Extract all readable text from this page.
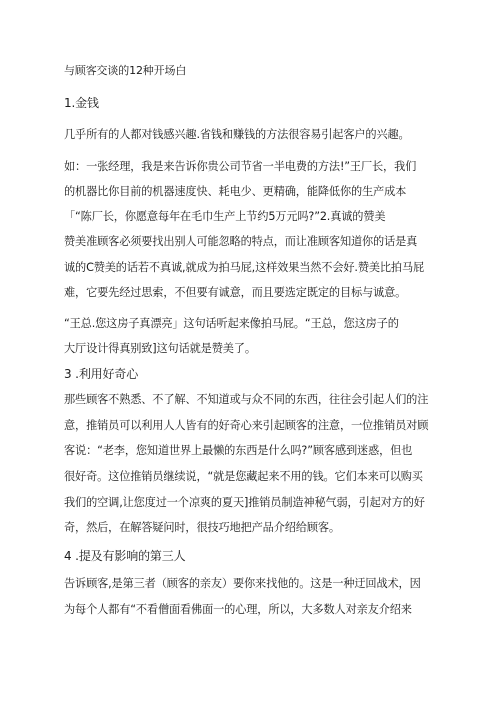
与顾客交谈的12种开场白
1.金钱
几乎所有的人都对钱感兴趣.省钱和赚钱的方法很容易引起客户的兴趣。
如：一张经理，我是来告诉你贵公司节省一半电费的方法!”王厂长，我们
的机器比你目前的机器速度快、耗电少、更精确，能降低你的生产成本
「“陈厂长，你愿意每年在毛巾生产上节约5万元吗?”2.真诚的赞美
赞美准顾客必须要找出别人可能忽略的特点，而让准顾客知道你的话是真
诚的C赞美的话若不真诚,就成为拍马屁,这样效果当然不会好.赞美比拍马屁
难，它要先经过思索，不但要有诚意，而且要选定既定的目标与诚意。
“王总.您这房子真漂亮」这句话听起来像拍马屁。“王总，您这房子的
大厅设计得真别致]这句话就是赞美了。
3 .利用好奇心
那些顾客不熟悉、不了解、不知道或与众不同的东西，往往会引起人们的注
意，推销员可以利用人人皆有的好奇心来引起顾客的注意，一位推销员对顾
客说：“老李，您知道世界上最懒的东西是什么吗?”顾客感到迷惑，但也
很好奇。这位推销员继续说，“就是您藏起来不用的钱。它们本来可以购买
我们的空调,让您度过一个凉爽的夏天]推销员制造神秘气弱，引起对方的好
奇，然后，在解答疑问时，很技巧地把产品介绍给顾客。
4 .提及有影响的第三人
告诉顾客,是第三者（顾客的亲友）要你来找他的。这是一种迂回战术，因
为每个人都有“不看僧面看佛面一的心理，所以，大多数人对亲友介绍来
